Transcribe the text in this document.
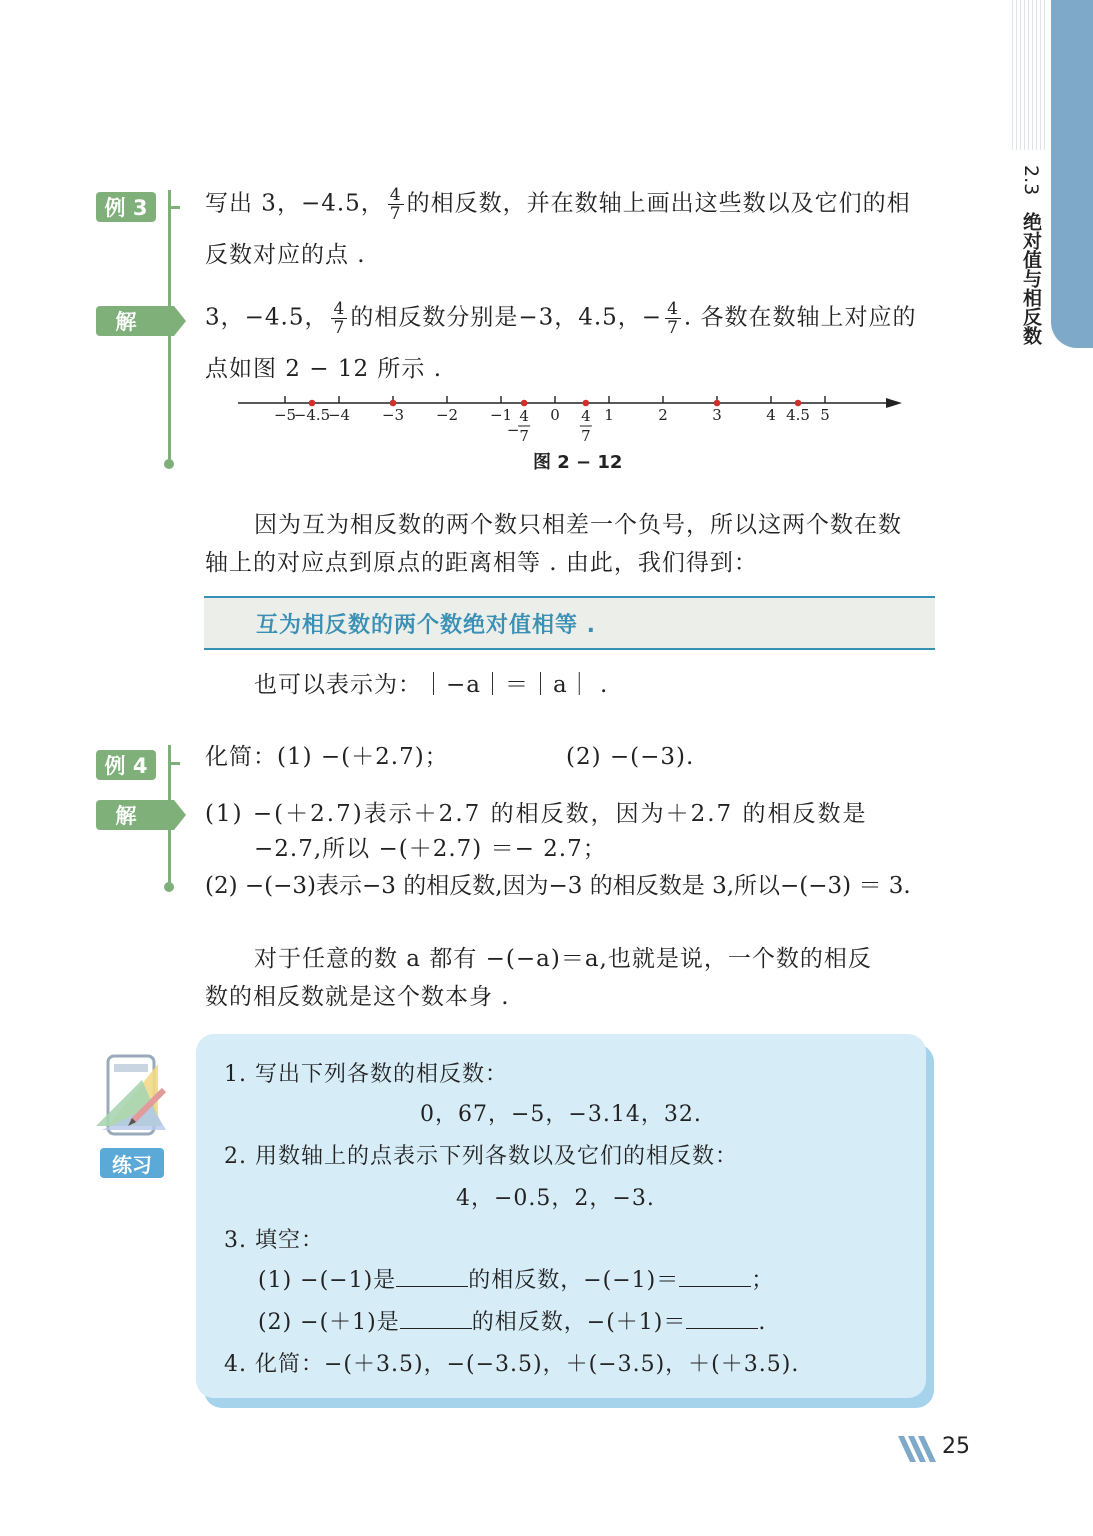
2.3
绝对值与相反数
例 3	写出 3，−4.5， $\frac{4}{7}$ 的相反数，并在数轴上画出这些数以及它们的相
反数对应的点 .
解	3，−4.5， $\frac{4}{7}$ 的相反数分别是−3，4.5，− $\frac{4}{7}$ . 各数在数轴上对应的
点如图 2 − 12 所示 .
−5 −4 −3 −2 −1	0	1	2	3	4	5
−4.5
−
4
7
4
7
4.5
图 2 − 12
因为互为相反数的两个数只相差一个负号，所以这两个数在数
轴上的对应点到原点的距离相等 . 由此，我们得到：
互为相反数的两个数绝对值相等 .
也可以表示为：｜−a｜＝｜a｜ .
例 4	化简：(1) −(＋2.7)；	(2) −(−3).
解	(1) −(＋2.7)表示＋2.7 的相反数，因为＋2.7 的相反数是
−2.7,所以 −(＋2.7) ＝− 2.7；
(2) −(−3)表示−3 的相反数,因为−3 的相反数是 3,所以−(−3) ＝ 3.
对于任意的数 a 都有 −(−a)＝a,也就是说，一个数的相反
数的相反数就是这个数本身 .
练习
1. 写出下列各数的相反数：
0，67，−5，−3.14，32.
2. 用数轴上的点表示下列各数以及它们的相反数：
4，−0.5，2，−3.
3. 填空：
(1) −(−1)是	的相反数，−(−1)＝	；
(2) −(＋1)是	的相反数，−(＋1)＝	.
4. 化简：−(＋3.5)，−(−3.5)，＋(−3.5)，＋(＋3.5).
25
